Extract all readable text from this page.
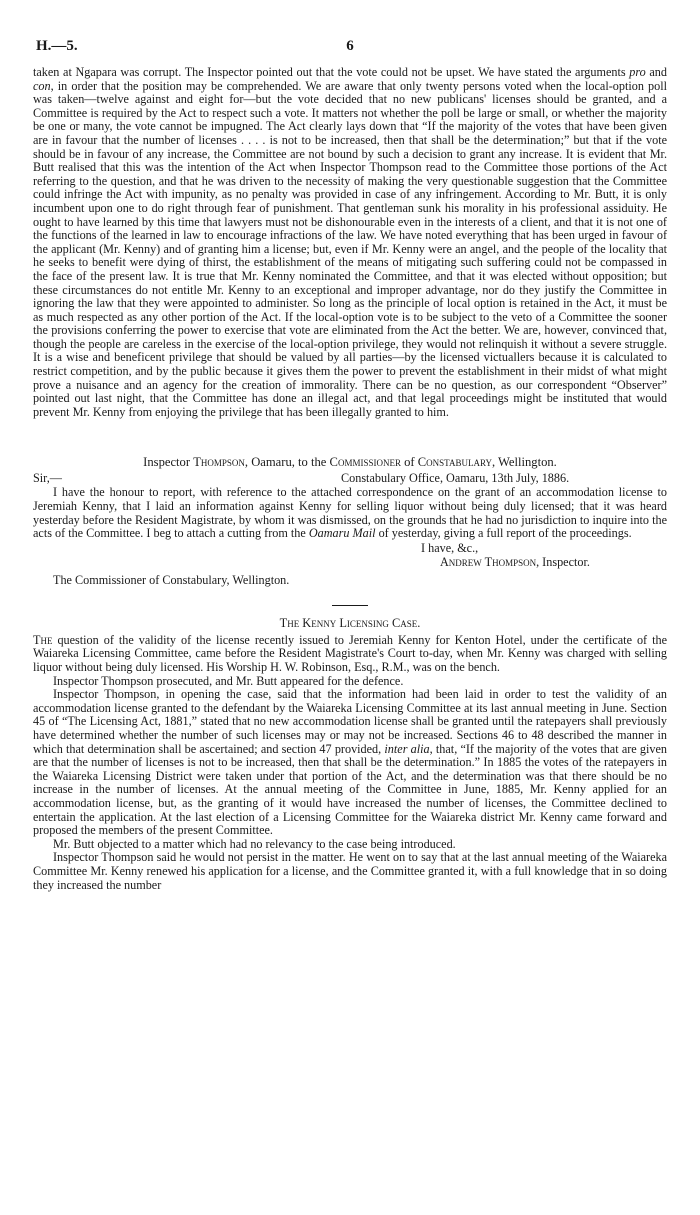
H.—5.	6

taken at Ngapara was corrupt. The Inspector pointed out that the vote could not be upset. We have stated the arguments pro and con, in order that the position may be comprehended. We are aware that only twenty persons voted when the local-option poll was taken—twelve against and eight for—but the vote decided that no new publicans' licenses should be granted, and a Committee is required by the Act to respect such a vote. It matters not whether the poll be large or small, or whether the majority be one or many, the vote cannot be impugned. The Act clearly lays down that “If the majority of the votes that have been given are in favour that the number of licenses . . . . is not to be increased, then that shall be the determination;” but that if the vote should be in favour of any increase, the Committee are not bound by such a decision to grant any increase. It is evident that Mr. Butt realised that this was the intention of the Act when Inspector Thompson read to the Committee those portions of the Act referring to the question, and that he was driven to the necessity of making the very questionable suggestion that the Committee could infringe the Act with impunity, as no penalty was provided in case of any infringement. According to Mr. Butt, it is only incumbent upon one to do right through fear of punishment. That gentleman sunk his morality in his professional assiduity. He ought to have learned by this time that lawyers must not be dishonourable even in the interests of a client, and that it is not one of the functions of the learned in law to encourage infractions of the law. We have noted everything that has been urged in favour of the applicant (Mr. Kenny) and of granting him a license; but, even if Mr. Kenny were an angel, and the people of the locality that he seeks to benefit were dying of thirst, the establishment of the means of mitigating such suffering could not be compassed in the face of the present law. It is true that Mr. Kenny nominated the Committee, and that it was elected without opposition; but these circumstances do not entitle Mr. Kenny to an exceptional and improper advantage, nor do they justify the Committee in ignoring the law that they were appointed to administer. So long as the principle of local option is retained in the Act, it must be as much respected as any other portion of the Act. If the local-option vote is to be subject to the veto of a Committee the sooner the provisions conferring the power to exercise that vote are eliminated from the Act the better. We are, however, convinced that, though the people are careless in the exercise of the local-option privilege, they would not relinquish it without a severe struggle. It is a wise and beneficent privilege that should be valued by all parties—by the licensed victuallers because it is calculated to restrict competition, and by the public because it gives them the power to prevent the establishment in their midst of what might prove a nuisance and an agency for the creation of immorality. There can be no question, as our correspondent “Observer” pointed out last night, that the Committee has done an illegal act, and that legal proceedings might be instituted that would prevent Mr. Kenny from enjoying the privilege that has been illegally granted to him.

Inspector Thompson, Oamaru, to the Commissioner of Constabulary, Wellington.
Sir,—	Constabulary Office, Oamaru, 13th July, 1886.

I have the honour to report, with reference to the attached correspondence on the grant of an accommodation license to Jeremiah Kenny, that I laid an information against Kenny for selling liquor without being duly licensed; that it was heard yesterday before the Resident Magistrate, by whom it was dismissed, on the grounds that he had no jurisdiction to inquire into the acts of the Committee. I beg to attach a cutting from the Oamaru Mail of yesterday, giving a full report of the proceedings.

I have, &c.,
Andrew Thompson, Inspector.
The Commissioner of Constabulary, Wellington.
The Kenny Licensing Case.

The question of the validity of the license recently issued to Jeremiah Kenny for Kenton Hotel, under the certificate of the Waiareka Licensing Committee, came before the Resident Magistrate's Court to-day, when Mr. Kenny was charged with selling liquor without being duly licensed. His Worship H. W. Robinson, Esq., R.M., was on the bench.

Inspector Thompson prosecuted, and Mr. Butt appeared for the defence.

Inspector Thompson, in opening the case, said that the information had been laid in order to test the validity of an accommodation license granted to the defendant by the Waiareka Licensing Committee at its last annual meeting in June. Section 45 of “The Licensing Act, 1881,” stated that no new accommodation license shall be granted until the ratepayers shall previously have determined whether the number of such licenses may or may not be increased. Sections 46 to 48 described the manner in which that determination shall be ascertained; and section 47 provided, inter alia, that, “If the majority of the votes that are given are that the number of licenses is not to be increased, then that shall be the determination.” In 1885 the votes of the ratepayers in the Waiareka Licensing District were taken under that portion of the Act, and the determination was that there should be no increase in the number of licenses. At the annual meeting of the Committee in June, 1885, Mr. Kenny applied for an accommodation license, but, as the granting of it would have increased the number of licenses, the Committee declined to entertain the application. At the last election of a Licensing Committee for the Waiareka district Mr. Kenny came forward and proposed the members of the present Committee.

Mr. Butt objected to a matter which had no relevancy to the case being introduced.

Inspector Thompson said he would not persist in the matter. He went on to say that at the last annual meeting of the Waiareka Committee Mr. Kenny renewed his application for a license, and the Committee granted it, with a full knowledge that in so doing they increased the number
